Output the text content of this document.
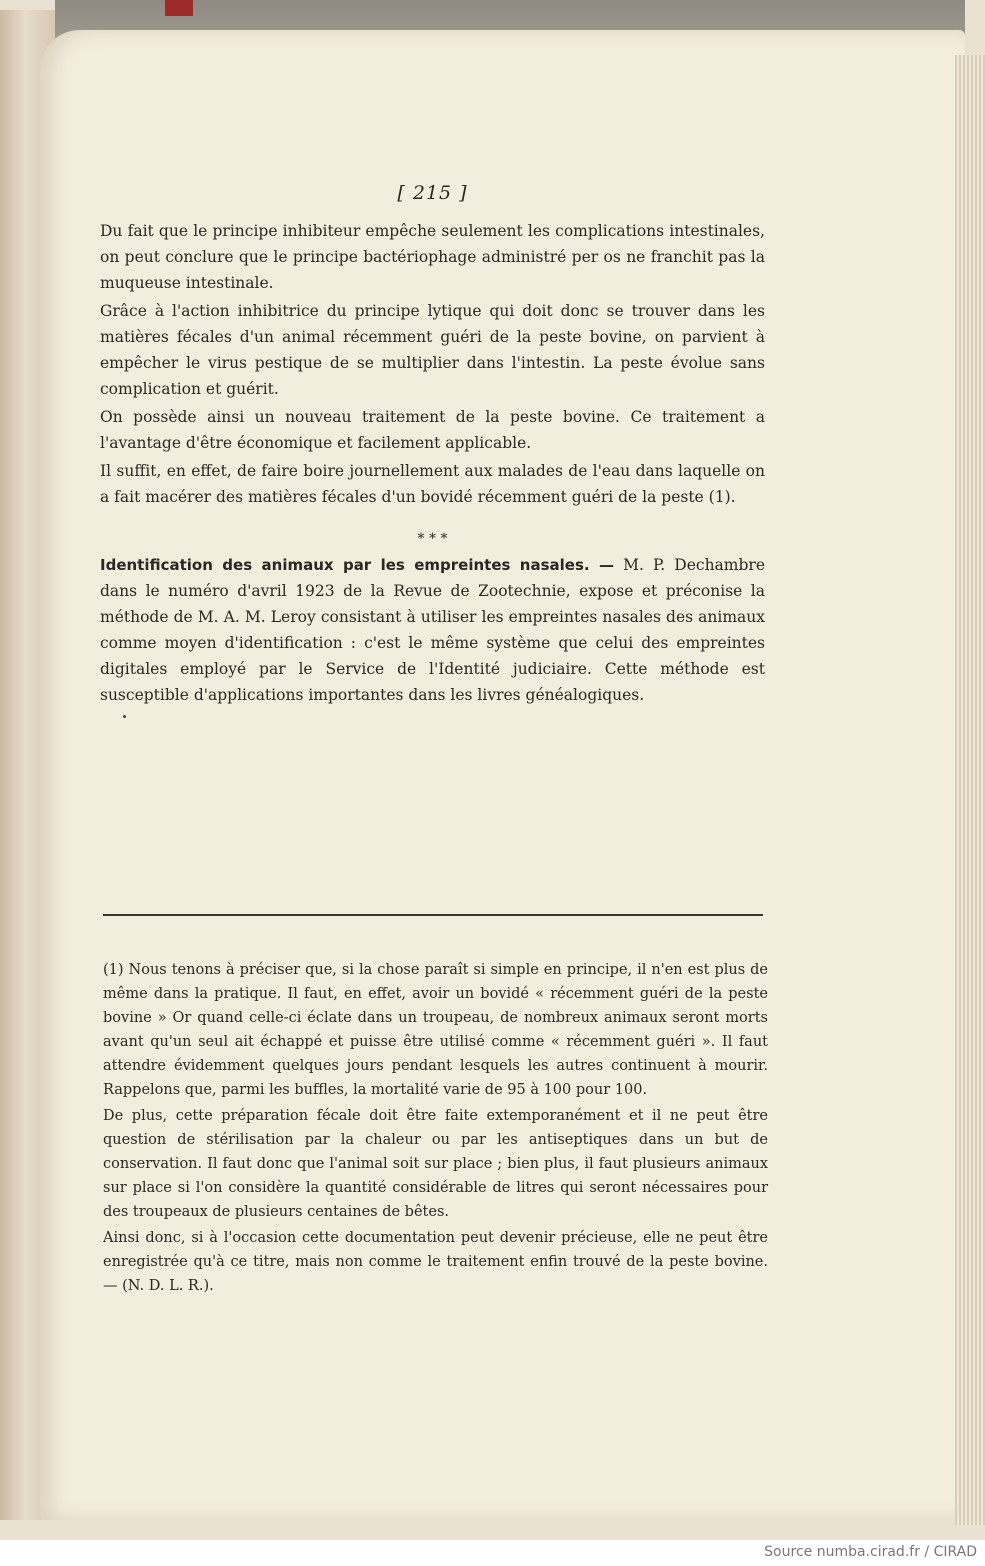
[ 215 ]

Du fait que le principe inhibiteur empêche seulement les complications intestinales, on peut conclure que le principe bactériophage administré per os ne franchit pas la muqueuse intestinale.

Grâce à l'action inhibitrice du principe lytique qui doit donc se trouver dans les matières fécales d'un animal récemment guéri de la peste bovine, on parvient à empêcher le virus pestique de se multiplier dans l'intestin. La peste évolue sans complication et guérit.

On possède ainsi un nouveau traitement de la peste bovine. Ce traitement a l'avantage d'être économique et facilement applicable.

Il suffit, en effet, de faire boire journellement aux malades de l'eau dans laquelle on a fait macérer des matières fécales d'un bovidé récemment guéri de la peste (1).

* * *

Identification des animaux par les empreintes nasales. — M. P. Dechambre dans le numéro d'avril 1923 de la Revue de Zootechnie, expose et préconise la méthode de M. A. M. Leroy consistant à utiliser les empreintes nasales des animaux comme moyen d'identification : c'est le même système que celui des empreintes digitales employé par le Service de l'Identité judiciaire. Cette méthode est susceptible d'applications importantes dans les livres généalogiques.

(1) Nous tenons à préciser que, si la chose paraît si simple en principe, il n'en est plus de même dans la pratique. Il faut, en effet, avoir un bovidé « récemment guéri de la peste bovine » Or quand celle-ci éclate dans un troupeau, de nombreux animaux seront morts avant qu'un seul ait échappé et puisse être utilisé comme « récemment guéri ». Il faut attendre évidemment quelques jours pendant lesquels les autres continuent à mourir. Rappelons que, parmi les buffles, la mortalité varie de 95 à 100 pour 100.

De plus, cette préparation fécale doit être faite extemporanément et il ne peut être question de stérilisation par la chaleur ou par les antiseptiques dans un but de conservation. Il faut donc que l'animal soit sur place ; bien plus, il faut plusieurs animaux sur place si l'on considère la quantité considérable de litres qui seront nécessaires pour des troupeaux de plusieurs centaines de bêtes.

Ainsi donc, si à l'occasion cette documentation peut devenir précieuse, elle ne peut être enregistrée qu'à ce titre, mais non comme le traitement enfin trouvé de la peste bovine. — (N. D. L. R.).

Source numba.cirad.fr / CIRAD
